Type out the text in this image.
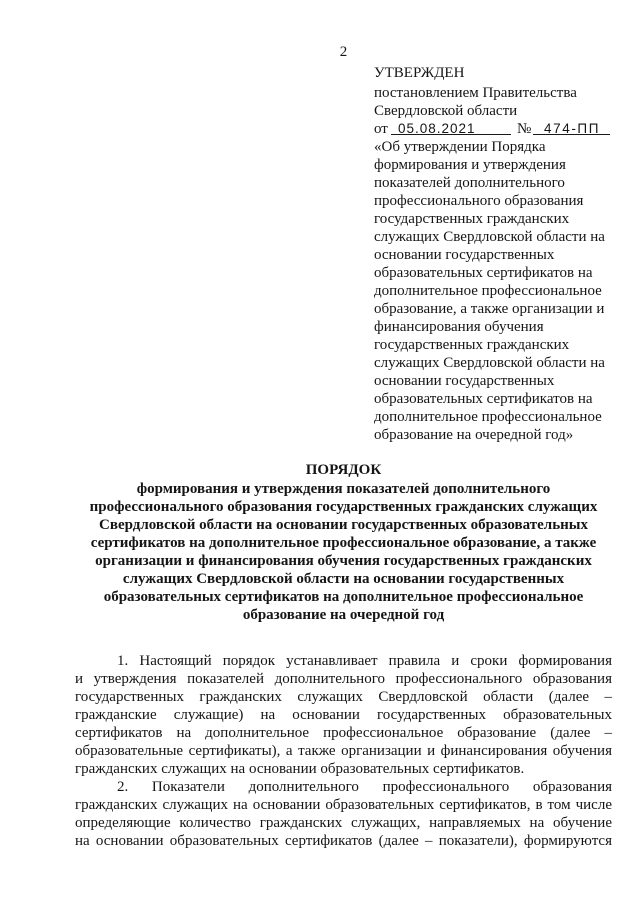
2
УТВЕРЖДЕН
постановлением Правительства
Свердловской области
от 05.08.2021	№ 474-ПП
«Об утверждении Порядка
формирования и утверждения
показателей дополнительного
профессионального образования
государственных гражданских
служащих Свердловской области на
основании государственных
образовательных сертификатов на
дополнительное профессиональное
образование, а также организации и
финансирования обучения
государственных гражданских
служащих Свердловской области на
основании государственных
образовательных сертификатов на
дополнительное профессиональное
образование на очередной год»
ПОРЯДОК
формирования и утверждения показателей дополнительного
профессионального образования государственных гражданских служащих
Свердловской области на основании государственных образовательных
сертификатов на дополнительное профессиональное образование, а также
организации и финансирования обучения государственных гражданских
служащих Свердловской области на основании государственных
образовательных сертификатов на дополнительное профессиональное
образование на очередной год
1. Настоящий порядок устанавливает правила и сроки формирования
и утверждения показателей дополнительного профессионального образования
государственных гражданских служащих Свердловской области (далее –
гражданские служащие) на основании государственных образовательных
сертификатов на дополнительное профессиональное образование (далее –
образовательные сертификаты), а также организации и финансирования обучения
гражданских служащих на основании образовательных сертификатов.
2. Показатели дополнительного профессионального образования
гражданских служащих на основании образовательных сертификатов, в том числе
определяющие количество гражданских служащих, направляемых на обучение
на основании образовательных сертификатов (далее – показатели), формируются
